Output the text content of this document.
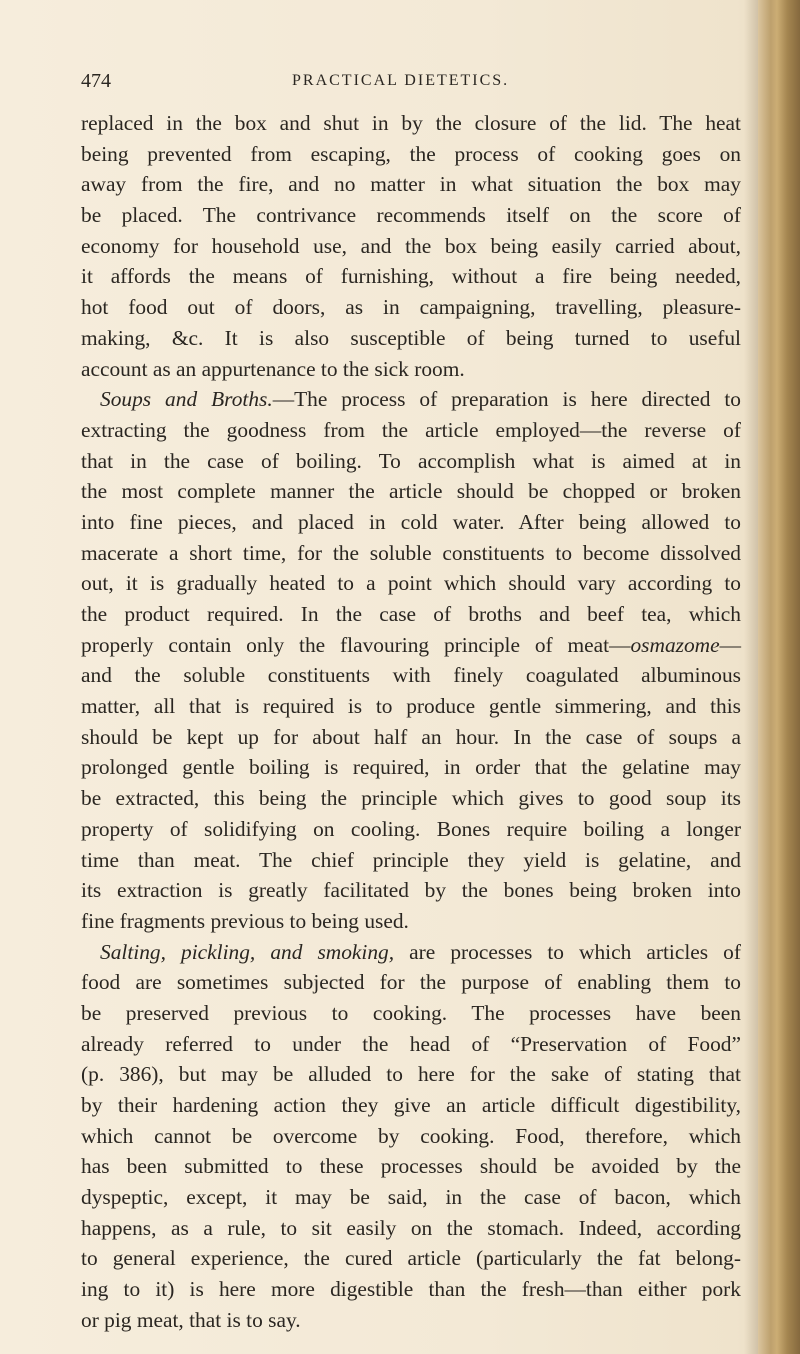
474	PRACTICAL DIETETICS.
replaced in the box and shut in by the closure of the lid. The heat
being prevented from escaping, the process of cooking goes on
away from the fire, and no matter in what situation the box may
be placed. The contrivance recommends itself on the score of
economy for household use, and the box being easily carried about,
it affords the means of furnishing, without a fire being needed,
hot food out of doors, as in campaigning, travelling, pleasure-
making, &c. It is also susceptible of being turned to useful
account as an appurtenance to the sick room.
Soups and Broths.—The process of preparation is here directed to
extracting the goodness from the article employed—the reverse of
that in the case of boiling. To accomplish what is aimed at in
the most complete manner the article should be chopped or broken
into fine pieces, and placed in cold water. After being allowed to
macerate a short time, for the soluble constituents to become dissolved
out, it is gradually heated to a point which should vary according to
the product required. In the case of broths and beef tea, which
properly contain only the flavouring principle of meat—osmazome—
and the soluble constituents with finely coagulated albuminous
matter, all that is required is to produce gentle simmering, and this
should be kept up for about half an hour. In the case of soups a
prolonged gentle boiling is required, in order that the gelatine may
be extracted, this being the principle which gives to good soup its
property of solidifying on cooling. Bones require boiling a longer
time than meat. The chief principle they yield is gelatine, and
its extraction is greatly facilitated by the bones being broken into
fine fragments previous to being used.
Salting, pickling, and smoking, are processes to which articles of
food are sometimes subjected for the purpose of enabling them to
be preserved previous to cooking. The processes have been
already referred to under the head of “Preservation of Food”
(p. 386), but may be alluded to here for the sake of stating that
by their hardening action they give an article difficult digestibility,
which cannot be overcome by cooking. Food, therefore, which
has been submitted to these processes should be avoided by the
dyspeptic, except, it may be said, in the case of bacon, which
happens, as a rule, to sit easily on the stomach. Indeed, according
to general experience, the cured article (particularly the fat belong-
ing to it) is here more digestible than the fresh—than either pork
or pig meat, that is to say.
